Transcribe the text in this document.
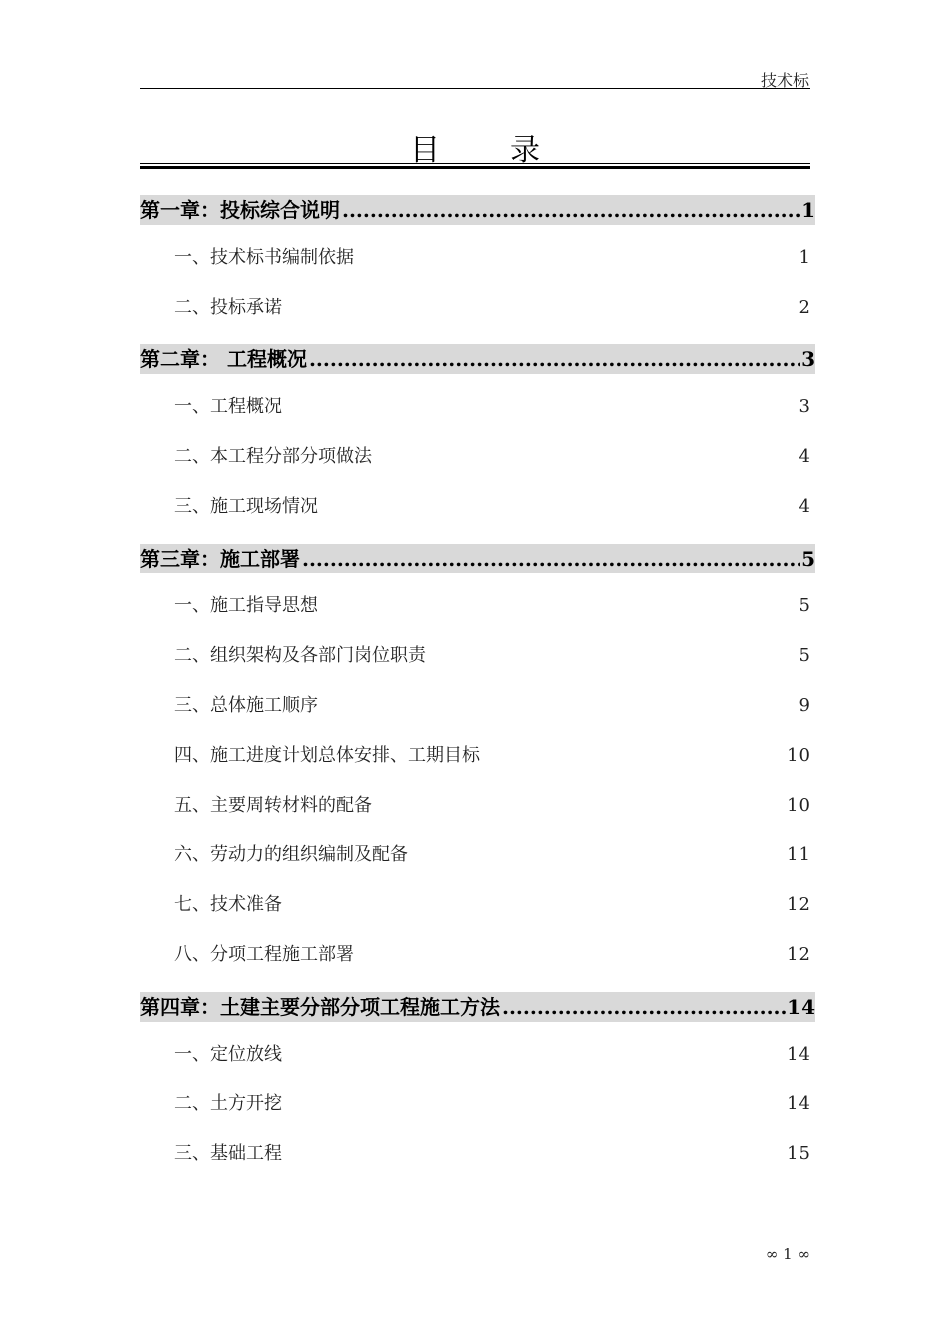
技术标
目录
第一章：投标综合说明 .....	1
一、技术标书编制依据	1
二、投标承诺	2
第二章： 工程概况 .....	3
一、工程概况	3
二、本工程分部分项做法	4
三、施工现场情况	4
第三章：施工部署 .....	5
一、施工指导思想	5
二、组织架构及各部门岗位职责	5
三、总体施工顺序	9
四、施工进度计划总体安排、工期目标	10
五、主要周转材料的配备	10
六、劳动力的组织编制及配备	11
七、技术准备	12
八、分项工程施工部署	12
第四章：土建主要分部分项工程施工方法 .....	14
一、定位放线	14
二、土方开挖	14
三、基础工程	15
∞ 1 ∞
